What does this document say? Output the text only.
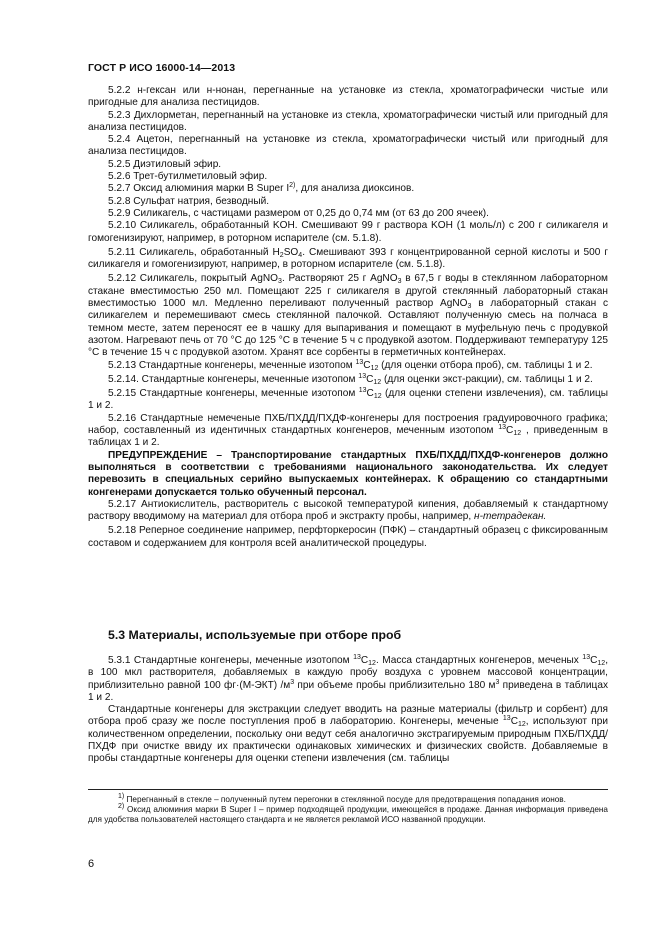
ГОСТ Р ИСО 16000-14—2013

5.2.2 н-гексан или н-нонан, перегнанные на установке из стекла, хроматографически чистые или пригодные для анализа пестицидов.

5.2.3 Дихлорметан, перегнанный на установке из стекла, хроматографически чистый или пригодный для анализа пестицидов.

5.2.4 Ацетон, перегнанный на установке из стекла, хроматографически чистый или пригодный для анализа пестицидов.

5.2.5 Диэтиловый эфир.

5.2.6 Трет-бутилметиловый эфир.

5.2.7 Оксид алюминия марки B Super $I^{2)}$, для анализа диоксинов.

5.2.8 Сульфат натрия, безводный.

5.2.9 Силикагель, с частицами размером от 0,25 до 0,74 мм (от 63 до 200 ячеек).

5.2.10 Силикагель, обработанный KOH. Смешивают 99 г раствора KOH (1 моль/л) с 200 г силикагеля и гомогенизируют, например, в роторном испарителе (см. 5.1.8).

5.2.11 Силикагель, обработанный $H_2SO_4$. Смешивают 393 г концентрированной серной кислоты и 500 г силикагеля и гомогенизируют, например, в роторном испарителе (см. 5.1.8).

5.2.12 Силикагель, покрытый AgNO$_3$. Растворяют 25 г AgNO$_3$ в 67,5 г воды в стеклянном лабораторном стакане вместимостью 250 мл. Помещают 225 г силикагеля в другой стеклянный лабораторный стакан вместимостью 1000 мл. Медленно переливают полученный раствор AgNO$_3$ в лабораторный стакан с силикагелем и перемешивают смесь стеклянной палочкой. Оставляют полученную смесь на полчаса в темном месте, затем переносят ее в чашку для выпаривания и помещают в муфельную печь с продувкой азотом. Нагревают печь от 70 °С до 125 °С в течение 5 ч с продувкой азотом. Поддерживают температуру 125 °С в течение 15 ч с продувкой азотом. Хранят все сорбенты в герметичных контейнерах.

5.2.13 Стандартные конгенеры, меченные изотопом $^{13}C_{12}$ (для оценки отбора проб), см. таблицы 1 и 2.

5.2.14. Стандартные конгенеры, меченные изотопом $^{13}C_{12}$ (для оценки экст-ракции), см. таблицы 1 и 2.

5.2.15 Стандартные конгенеры, меченные изотопом $^{13}C_{12}$ (для оценки степени извлечения), см. таблицы 1 и 2.

5.2.16 Стандартные немеченые ПХБ/ПХДД/ПХДФ-конгенеры для построения градуировочного графика; набор, составленный из идентичных стандартных конгенеров, меченным изотопом $^{13}C_{12}$ , приведенным в таблицах 1 и 2.

ПРЕДУПРЕЖДЕНИЕ – Транспортирование стандартных ПХБ/ПХДД/ПХДФ-конгенеров должно выполняться в соответствии с требованиями национального законодательства. Их следует перевозить в специальных серийно выпускаемых контейнерах. К обращению со стандартными конгенерами допускается только обученный персонал.

5.2.17 Антиокислитель, растворитель с высокой температурой кипения, добавляемый к стандартному раствору вводимому на материал для отбора проб и экстракту пробы, например, н-тетрадекан.

5.2.18 Реперное соединение например, перфторкеросин (ПФК) – стандартный образец с фиксированным составом и содержанием для контроля всей аналитической процедуры.

5.3 Материалы, используемые при отборе проб

5.3.1 Стандартные конгенеры, меченные изотопом $^{13}C_{12}$. Масса стандартных конгенеров, меченых $^{13}C_{12}$, в 100 мкл растворителя, добавляемых в каждую пробу воздуха с уровнем массовой концентрации, приблизительно равной 100 фг·(М-ЭКТ) $/м^3$ при объеме пробы приблизительно 180 $м^3$ приведена в таблицах 1 и 2.

Стандартные конгенеры для экстракции следует вводить на разные материалы (фильтр и сорбент) для отбора проб сразу же после поступления проб в лабораторию. Конгенеры, меченые $^{13}C_{12}$, используют при количественном определении, поскольку они ведут себя аналогично экстрагируемым природным ПХБ/ПХДД/ПХДФ при очистке ввиду их практически одинаковых химических и физических свойств. Добавляемые в пробы стандартные конгенеры для оценки степени извлечения (см. таблицы

$^{1)}$ Перегнанный в стекле – полученный путем перегонки в стеклянной посуде для предотвращения попадания ионов.

$^{2)}$ Оксид алюминия марки B Super I – пример подходящей продукции, имеющейся в продаже. Данная информация приведена для удобства пользователей настоящего стандарта и не является рекламой ИСО названной продукции.

6
